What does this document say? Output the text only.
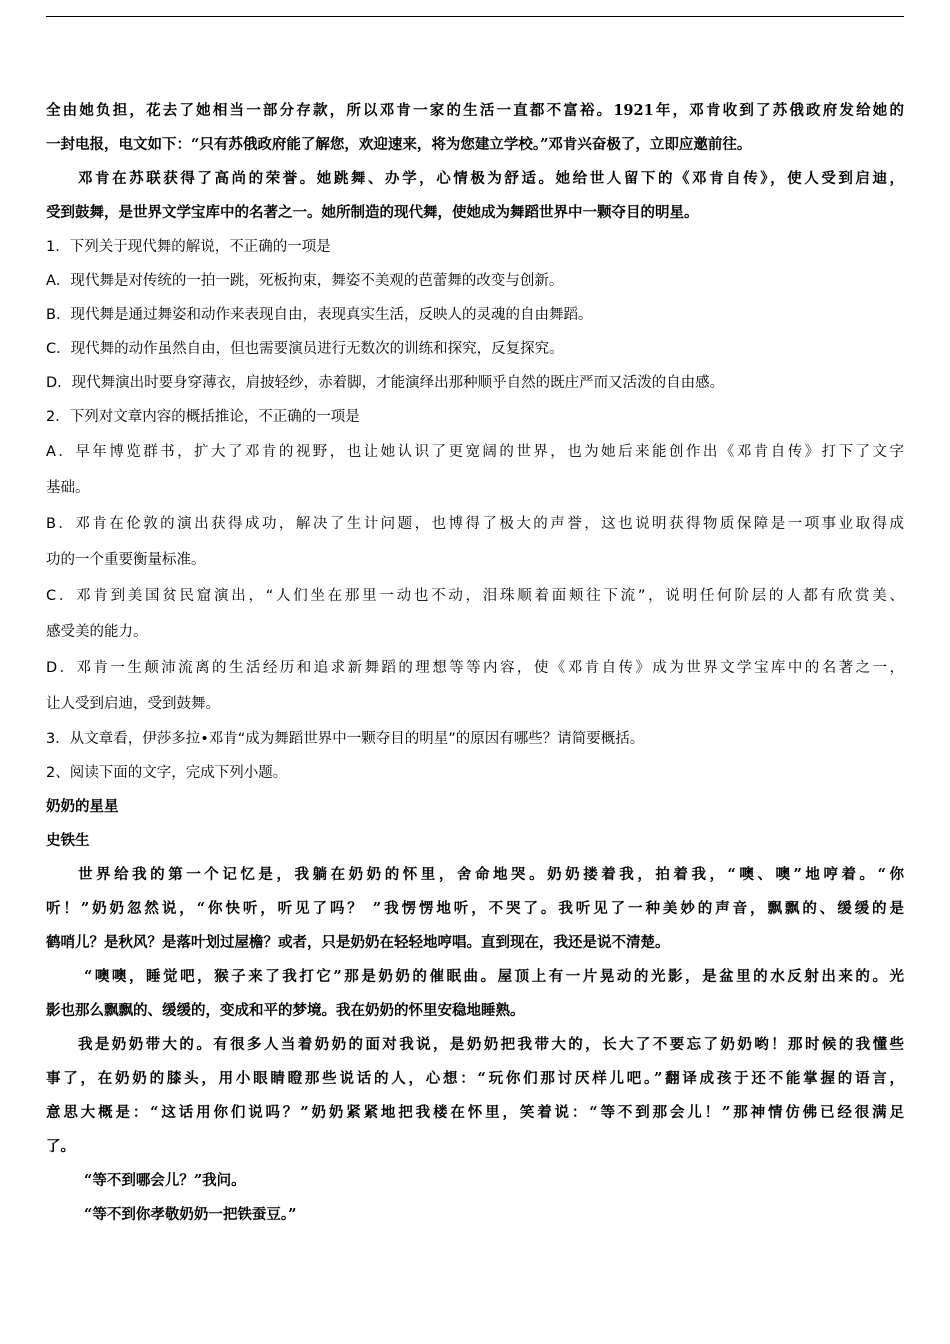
全由她负担，花去了她相当一部分存款，所以邓肯一家的生活一直都不富裕。1921年，邓肯收到了苏俄政府发给她的

一封电报，电文如下：“只有苏俄政府能了解您，欢迎速来，将为您建立学校。”邓肯兴奋极了，立即应邀前往。

邓肯在苏联获得了高尚的荣誉。她跳舞、办学，心情极为舒适。她给世人留下的《邓肯自传》，使人受到启迪，

受到鼓舞，是世界文学宝库中的名著之一。她所制造的现代舞，使她成为舞蹈世界中一颗夺目的明星。

1．下列关于现代舞的解说，不正确的一项是

A．现代舞是对传统的一拍一跳，死板拘束，舞姿不美观的芭蕾舞的改变与创新。

B．现代舞是通过舞姿和动作来表现自由，表现真实生活，反映人的灵魂的自由舞蹈。

C．现代舞的动作虽然自由，但也需要演员进行无数次的训练和探究，反复探究。

D．现代舞演出时要身穿薄衣，肩披轻纱，赤着脚，才能演绎出那种顺乎自然的既庄严而又活泼的自由感。

2．下列对文章内容的概括推论，不正确的一项是

A．早年博览群书，扩大了邓肯的视野，也让她认识了更宽阔的世界，也为她后来能创作出《邓肯自传》打下了文字

基础。

B．邓肯在伦敦的演出获得成功，解决了生计问题，也博得了极大的声誉，这也说明获得物质保障是一项事业取得成

功的一个重要衡量标准。

C．邓肯到美国贫民窟演出，“人们坐在那里一动也不动，泪珠顺着面颊往下流”，说明任何阶层的人都有欣赏美、

感受美的能力。

D．邓肯一生颠沛流离的生活经历和追求新舞蹈的理想等等内容，使《邓肯自传》成为世界文学宝库中的名著之一，

让人受到启迪，受到鼓舞。

3．从文章看，伊莎多拉•邓肯“成为舞蹈世界中一颗夺目的明星”的原因有哪些？请简要概括。

2、阅读下面的文字，完成下列小题。

奶奶的星星

史铁生

世界给我的第一个记忆是，我躺在奶奶的怀里，舍命地哭。奶奶搂着我，拍着我，“噢、噢”地哼着。“你

听！”奶奶忽然说，“你快听，听见了吗？ ”我愣愣地听，不哭了。我听见了一种美妙的声音，飘飘的、缓缓的是

鹤哨儿？是秋风？是落叶划过屋檐？或者，只是奶奶在轻轻地哼唱。直到现在，我还是说不清楚。

“噢噢，睡觉吧，猴子来了我打它”那是奶奶的催眠曲。屋顶上有一片晃动的光影，是盆里的水反射出来的。光

影也那么飘飘的、缓缓的，变成和平的梦境。我在奶奶的怀里安稳地睡熟。

我是奶奶带大的。有很多人当着奶奶的面对我说，是奶奶把我带大的，长大了不要忘了奶奶哟！那时候的我懂些

事了，在奶奶的膝头，用小眼睛瞪那些说话的人，心想：“玩你们那讨厌样儿吧。”翻译成孩于还不能掌握的语言，

意思大概是：“这话用你们说吗？”奶奶紧紧地把我楼在怀里，笑着说：“等不到那会儿！”那神情仿佛已经很满足

了。

“等不到哪会儿？”我问。

“等不到你孝敬奶奶一把铁蚕豆。”
